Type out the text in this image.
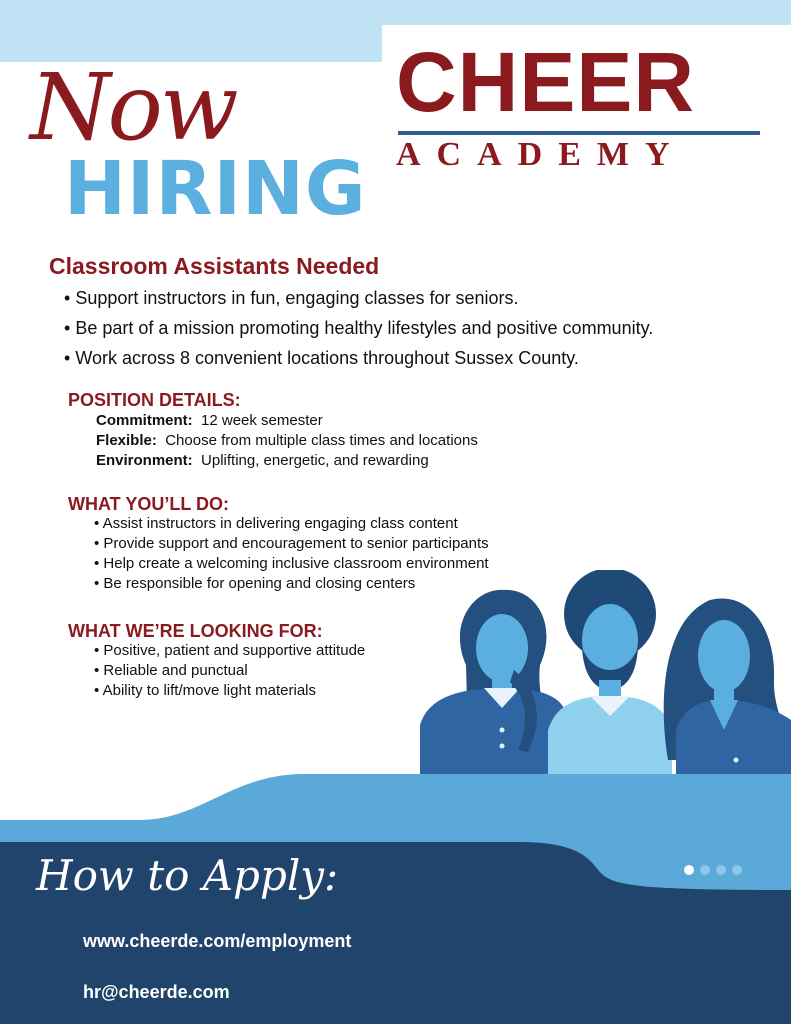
CHEER
ACADEMY
Now
HIRING
Classroom Assistants Needed
• Support instructors in fun, engaging classes for seniors.
• Be part of a mission promoting healthy lifestyles and positive community.
• Work across 8 convenient locations throughout Sussex County.
POSITION DETAILS:
Commitment: 12 week semester
Flexible: Choose from multiple class times and locations
Environment: Uplifting, energetic, and rewarding
WHAT YOU’LL DO:
• Assist instructors in delivering engaging class content
• Provide support and encouragement to senior participants
• Help create a welcoming inclusive classroom environment
• Be responsible for opening and closing centers
WHAT WE’RE LOOKING FOR:
• Positive, patient and supportive attitude
• Reliable and punctual
• Ability to lift/move light materials
How to Apply:
www.cheerde.com/employment
hr@cheerde.com
